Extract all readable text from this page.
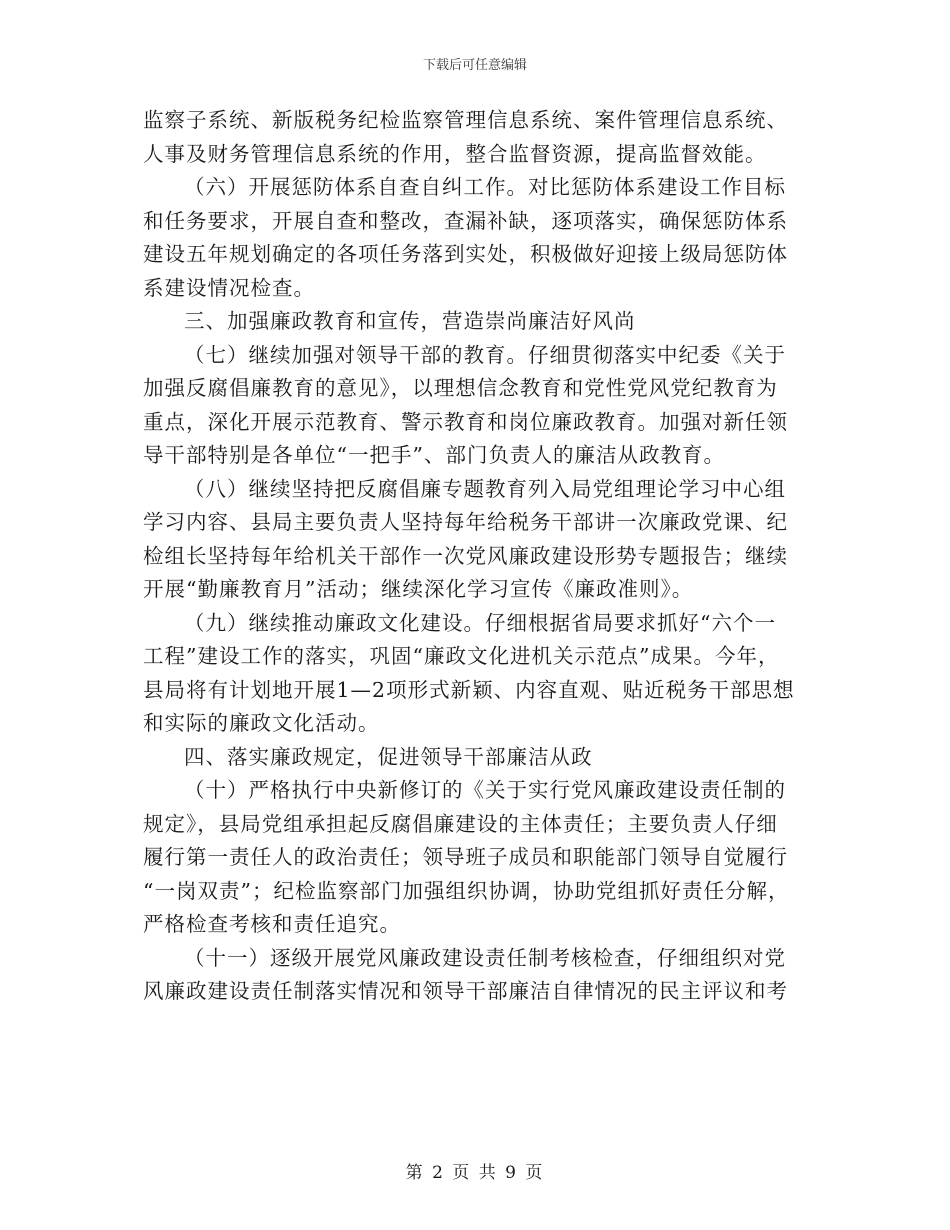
下载后可任意编辑
监察子系统、新版税务纪检监察管理信息系统、案件管理信息系统、
人事及财务管理信息系统的作用，整合监督资源，提高监督效能。
（六）开展惩防体系自查自纠工作。对比惩防体系建设工作目标
和任务要求，开展自查和整改，查漏补缺，逐项落实，确保惩防体系
建设五年规划确定的各项任务落到实处，积极做好迎接上级局惩防体
系建设情况检查。
三、加强廉政教育和宣传，营造崇尚廉洁好风尚
（七）继续加强对领导干部的教育。仔细贯彻落实中纪委《关于
加强反腐倡廉教育的意见》，以理想信念教育和党性党风党纪教育为
重点，深化开展示范教育、警示教育和岗位廉政教育。加强对新任领
导干部特别是各单位“一把手”、部门负责人的廉洁从政教育。
（八）继续坚持把反腐倡廉专题教育列入局党组理论学习中心组
学习内容、县局主要负责人坚持每年给税务干部讲一次廉政党课、纪
检组长坚持每年给机关干部作一次党风廉政建设形势专题报告；继续
开展“勤廉教育月”活动；继续深化学习宣传《廉政准则》。
（九）继续推动廉政文化建设。仔细根据省局要求抓好“六个一
工程”建设工作的落实，巩固“廉政文化进机关示范点”成果。今年，
县局将有计划地开展1—2项形式新颖、内容直观、贴近税务干部思想
和实际的廉政文化活动。
四、落实廉政规定，促进领导干部廉洁从政
（十）严格执行中央新修订的《关于实行党风廉政建设责任制的
规定》，县局党组承担起反腐倡廉建设的主体责任；主要负责人仔细
履行第一责任人的政治责任；领导班子成员和职能部门领导自觉履行
“一岗双责”；纪检监察部门加强组织协调，协助党组抓好责任分解，
严格检查考核和责任追究。
（十一）逐级开展党风廉政建设责任制考核检查，仔细组织对党
风廉政建设责任制落实情况和领导干部廉洁自律情况的民主评议和考
第 2 页 共 9 页
